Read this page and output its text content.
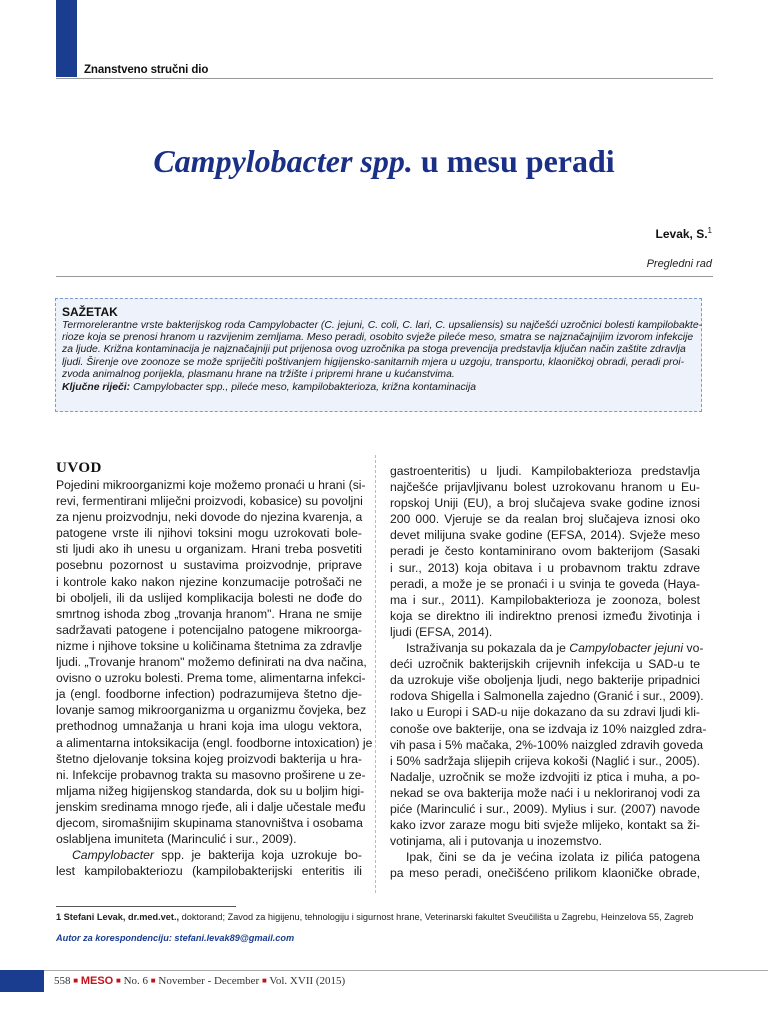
Znanstveno stručni dio
Campylobacter spp. u mesu peradi
Levak, S.$^1$
Pregledni rad
SAŽETAK

Termorelerantne vrste bakterijskog roda Campylobacter (C. jejuni, C. coli, C. lari, C. upsaliensis) su najčešći uzročnici bolesti kampilobakte-

rioze koja se prenosi hranom u razvijenim zemljama. Meso peradi, osobito svježe pileće meso, smatra se najznačajnijim izvorom infekcije

za ljude. Križna kontaminacija je najznačajniji put prijenosa ovog uzročnika pa stoga prevencija predstavlja ključan način zaštite zdravlja

ljudi. Širenje ove zoonoze se može spriječiti poštivanjem higijensko-sanitarnih mjera u uzgoju, transportu, klaoničkoj obradi, peradi proi-

zvoda animalnog porijekla, plasmanu hrane na tržište i pripremi hrane u kućanstvima.

Ključne riječi: Campylobacter spp., pileće meso, kampilobakterioza, križna kontaminacija
UVOD
Pojedini mikroorganizmi koje možemo pronaći u hrani (si-
revi, fermentirani mliječni proizvodi, kobasice) su povoljni
za njenu proizvodnju, neki dovode do njezina kvarenja, a
patogene vrste ili njihovi toksini mogu uzrokovati bole-
sti ljudi ako ih unesu u organizam. Hrani treba posvetiti
posebnu pozornost u sustavima proizvodnje, priprave
i kontrole kako nakon njezine konzumacije potrošači ne
bi oboljeli, ili da uslijed komplikacija bolesti ne dođe do
smrtnog ishoda zbog „trovanja hranom". Hrana ne smije
sadržavati patogene i potencijalno patogene mikroorga-
nizme i njihove toksine u količinama štetnima za zdravlje
ljudi. „Trovanje hranom" možemo definirati na dva načina,
ovisno o uzroku bolesti. Prema tome, alimentarna infekci-
ja (engl. foodborne infection) podrazumijeva štetno dje-
lovanje samog mikroorganizma u organizmu čovjeka, bez
prethodnog umnažanja u hrani koja ima ulogu vektora,
a alimentarna intoksikacija (engl. foodborne intoxication) je
štetno djelovanje toksina kojeg proizvodi bakterija u hra-
ni. Infekcije probavnog trakta su masovno proširene u ze-
mljama nižeg higijenskog standarda, dok su u boljim higi-
jenskim sredinama mnogo rjeđe, ali i dalje učestale među
djecom, siromašnijim skupinama stanovništva i osobama
oslabljena imuniteta (Marinculić i sur., 2009).
Campylobacter spp. je bakterija koja uzrokuje bo-
lest kampilobakteriozu (kampilobakterijski enteritis ili
gastroenteritis) u ljudi. Kampilobakterioza predstavlja
najčešće prijavljivanu bolest uzrokovanu hranom u Eu-
ropskoj Uniji (EU), a broj slučajeva svake godine iznosi
200 000. Vjeruje se da realan broj slučajeva iznosi oko
devet milijuna svake godine (EFSA, 2014). Svježe meso
peradi je često kontaminirano ovom bakterijom (Sasaki
i sur., 2013) koja obitava i u probavnom traktu zdrave
peradi, a može je se pronaći i u svinja te goveda (Haya-
ma i sur., 2011). Kampilobakterioza je zoonoza, bolest
koja se direktno ili indirektno prenosi između životinja i
ljudi (EFSA, 2014).
Istraživanja su pokazala da je Campylobacter jejuni vo-
deći uzročnik bakterijskih crijevnih infekcija u SAD-u te
da uzrokuje više oboljenja ljudi, nego bakterije pripadnici
rodova Shigella i Salmonella zajedno (Granić i sur., 2009).
Iako u Europi i SAD-u nije dokazano da su zdravi ljudi kli-
conoše ove bakterije, ona se izdvaja iz 10% naizgled zdra-
vih pasa i 5% mačaka, 2%-100% naizgled zdravih goveda
i 50% sadržaja slijepih crijeva kokoši (Naglić i sur., 2005).
Nadalje, uzročnik se može izdvojiti iz ptica i muha, a po-
nekad se ova bakterija može naći i u nekloriranoj vodi za
piće (Marinculić i sur., 2009). Mylius i sur. (2007) navode
kako izvor zaraze mogu biti svježe mlijeko, kontakt sa ži-
votinjama, ali i putovanja u inozemstvo.
Ipak, čini se da je većina izolata iz pilića patogena
pa meso peradi, onečišćeno prilikom klaoničke obrade,
1 Stefani Levak, dr.med.vet., doktorand; Zavod za higijenu, tehnologiju i sigurnost hrane, Veterinarski fakultet Sveučilišta u Zagrebu, Heinzelova 55, Zagreb
Autor za korespondenciju: stefani.levak89@gmail.com
558 ■ MESO ■ No. 6 ■ November - December ■ Vol. XVII (2015)
